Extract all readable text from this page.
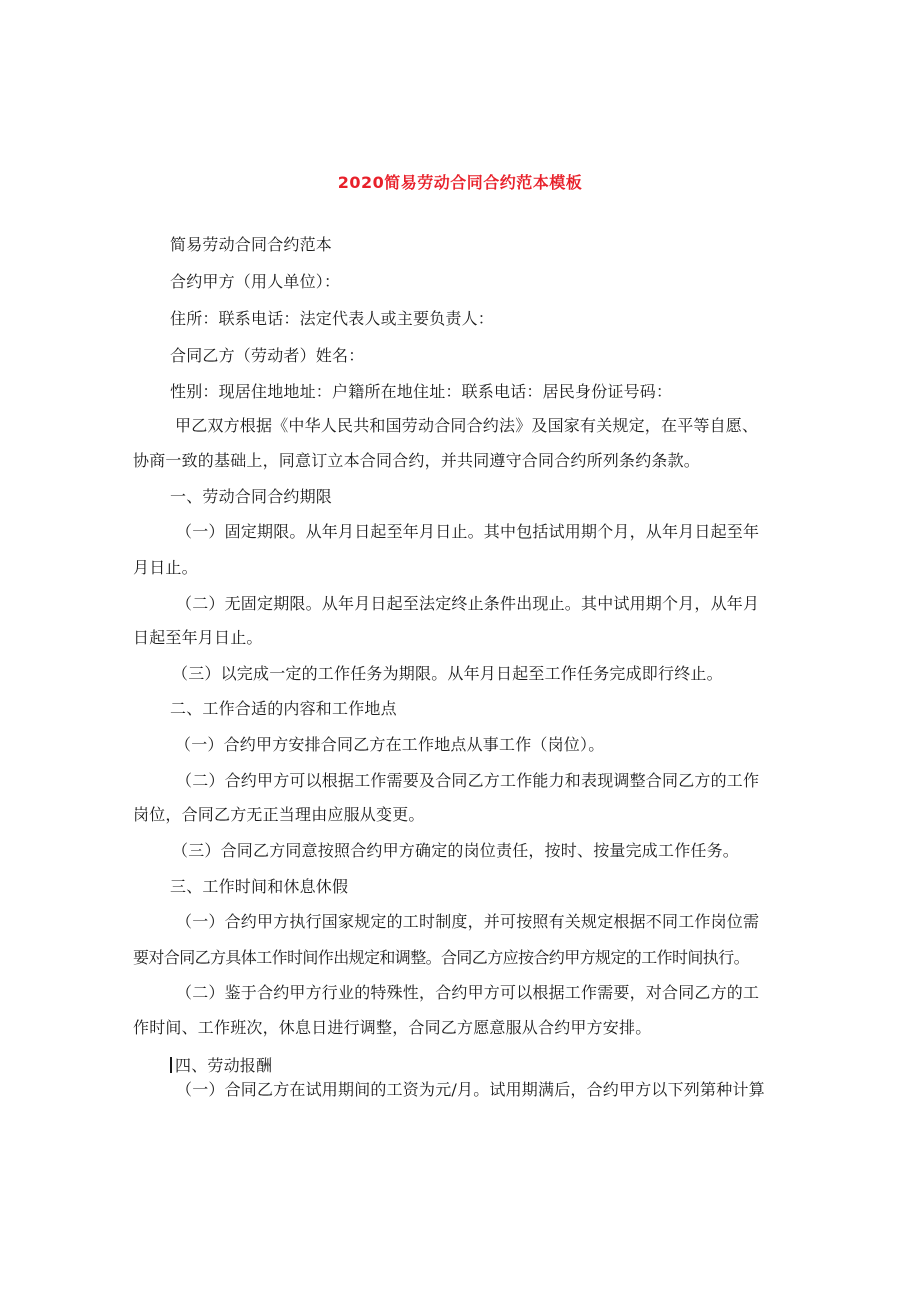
2020简易劳动合同合约范本模板
简易劳动合同合约范本
合约甲方（用人单位）：
住所：联系电话：法定代表人或主要负责人：
合同乙方（劳动者）姓名：
性别：现居住地地址：户籍所在地住址：联系电话：居民身份证号码：
甲乙双方根据《中华人民共和国劳动合同合约法》及国家有关规定，在平等自愿、
协商一致的基础上，同意订立本合同合约，并共同遵守合同合约所列条约条款。
一、劳动合同合约期限
（一）固定期限。从年月日起至年月日止。其中包括试用期个月，从年月日起至年
月日止。
（二）无固定期限。从年月日起至法定终止条件出现止。其中试用期个月，从年月
日起至年月日止。
（三）以完成一定的工作任务为期限。从年月日起至工作任务完成即行终止。
二、工作合适的内容和工作地点
（一）合约甲方安排合同乙方在工作地点从事工作（岗位）。
（二）合约甲方可以根据工作需要及合同乙方工作能力和表现调整合同乙方的工作
岗位，合同乙方无正当理由应服从变更。
（三）合同乙方同意按照合约甲方确定的岗位责任，按时、按量完成工作任务。
三、工作时间和休息休假
（一）合约甲方执行国家规定的工时制度，并可按照有关规定根据不同工作岗位需
要对合同乙方具体工作时间作出规定和调整。合同乙方应按合约甲方规定的工作时间执行。
（二）鉴于合约甲方行业的特殊性，合约甲方可以根据工作需要，对合同乙方的工
作时间、工作班次，休息日进行调整，合同乙方愿意服从合约甲方安排。
四、劳动报酬
（一）合同乙方在试用期间的工资为元/月。试用期满后，合约甲方以下列第种计算
